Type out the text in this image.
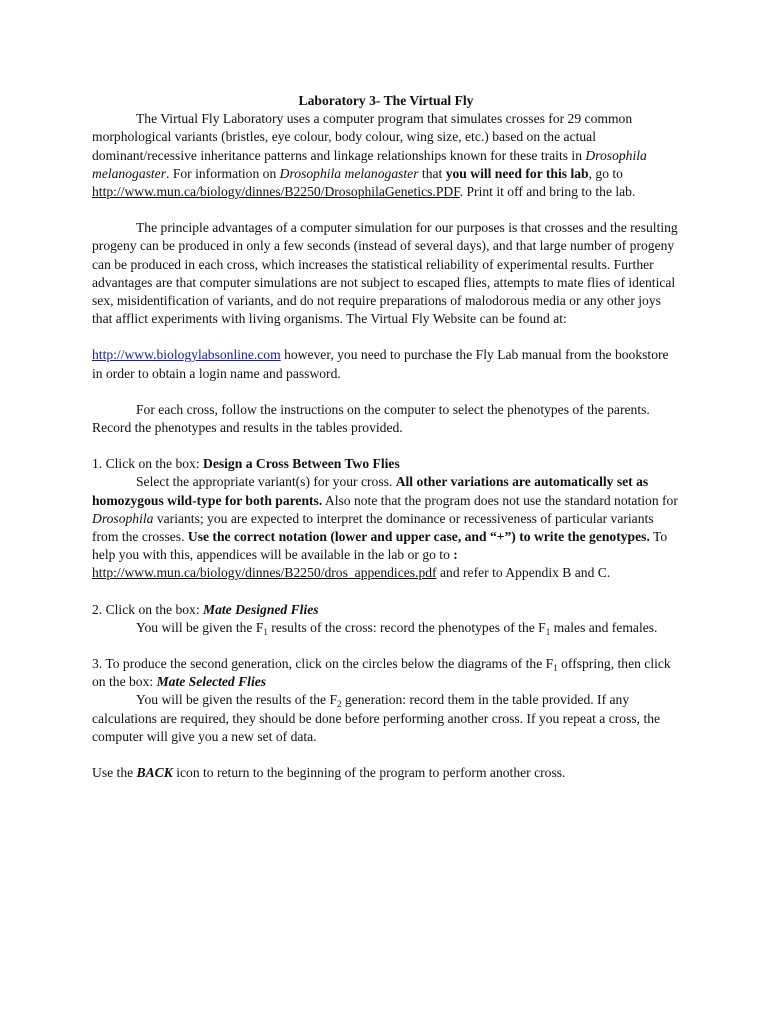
Laboratory 3- The Virtual Fly

The Virtual Fly Laboratory uses a computer program that simulates crosses for 29 common morphological variants (bristles, eye colour, body colour, wing size, etc.) based on the actual dominant/recessive inheritance patterns and linkage relationships known for these traits in Drosophila melanogaster. For information on Drosophila melanogaster that you will need for this lab, go to http://www.mun.ca/biology/dinnes/B2250/DrosophilaGenetics.PDF. Print it off and bring to the lab.

The principle advantages of a computer simulation for our purposes is that crosses and the resulting progeny can be produced in only a few seconds (instead of several days), and that large number of progeny can be produced in each cross, which increases the statistical reliability of experimental results. Further advantages are that computer simulations are not subject to escaped flies, attempts to mate flies of identical sex, misidentification of variants, and do not require preparations of malodorous media or any other joys that afflict experiments with living organisms. The Virtual Fly Website can be found at:

http://www.biologylabsonline.com however, you need to purchase the Fly Lab manual from the bookstore in order to obtain a login name and password.

For each cross, follow the instructions on the computer to select the phenotypes of the parents. Record the phenotypes and results in the tables provided.

1. Click on the box: Design a Cross Between Two Flies

Select the appropriate variant(s) for your cross. All other variations are automatically set as homozygous wild-type for both parents. Also note that the program does not use the standard notation for Drosophila variants; you are expected to interpret the dominance or recessiveness of particular variants from the crosses. Use the correct notation (lower and upper case, and “+”) to write the genotypes. To help you with this, appendices will be available in the lab or go to :
http://www.mun.ca/biology/dinnes/B2250/dros_appendices.pdf and refer to Appendix B and C.

2. Click on the box: Mate Designed Flies

You will be given the $F_1$ results of the cross: record the phenotypes of the $F_1$ males and females.

3. To produce the second generation, click on the circles below the diagrams of the $F_1$ offspring, then click on the box: Mate Selected Flies

You will be given the results of the $F_2$ generation: record them in the table provided. If any calculations are required, they should be done before performing another cross. If you repeat a cross, the computer will give you a new set of data.

Use the BACK icon to return to the beginning of the program to perform another cross.
